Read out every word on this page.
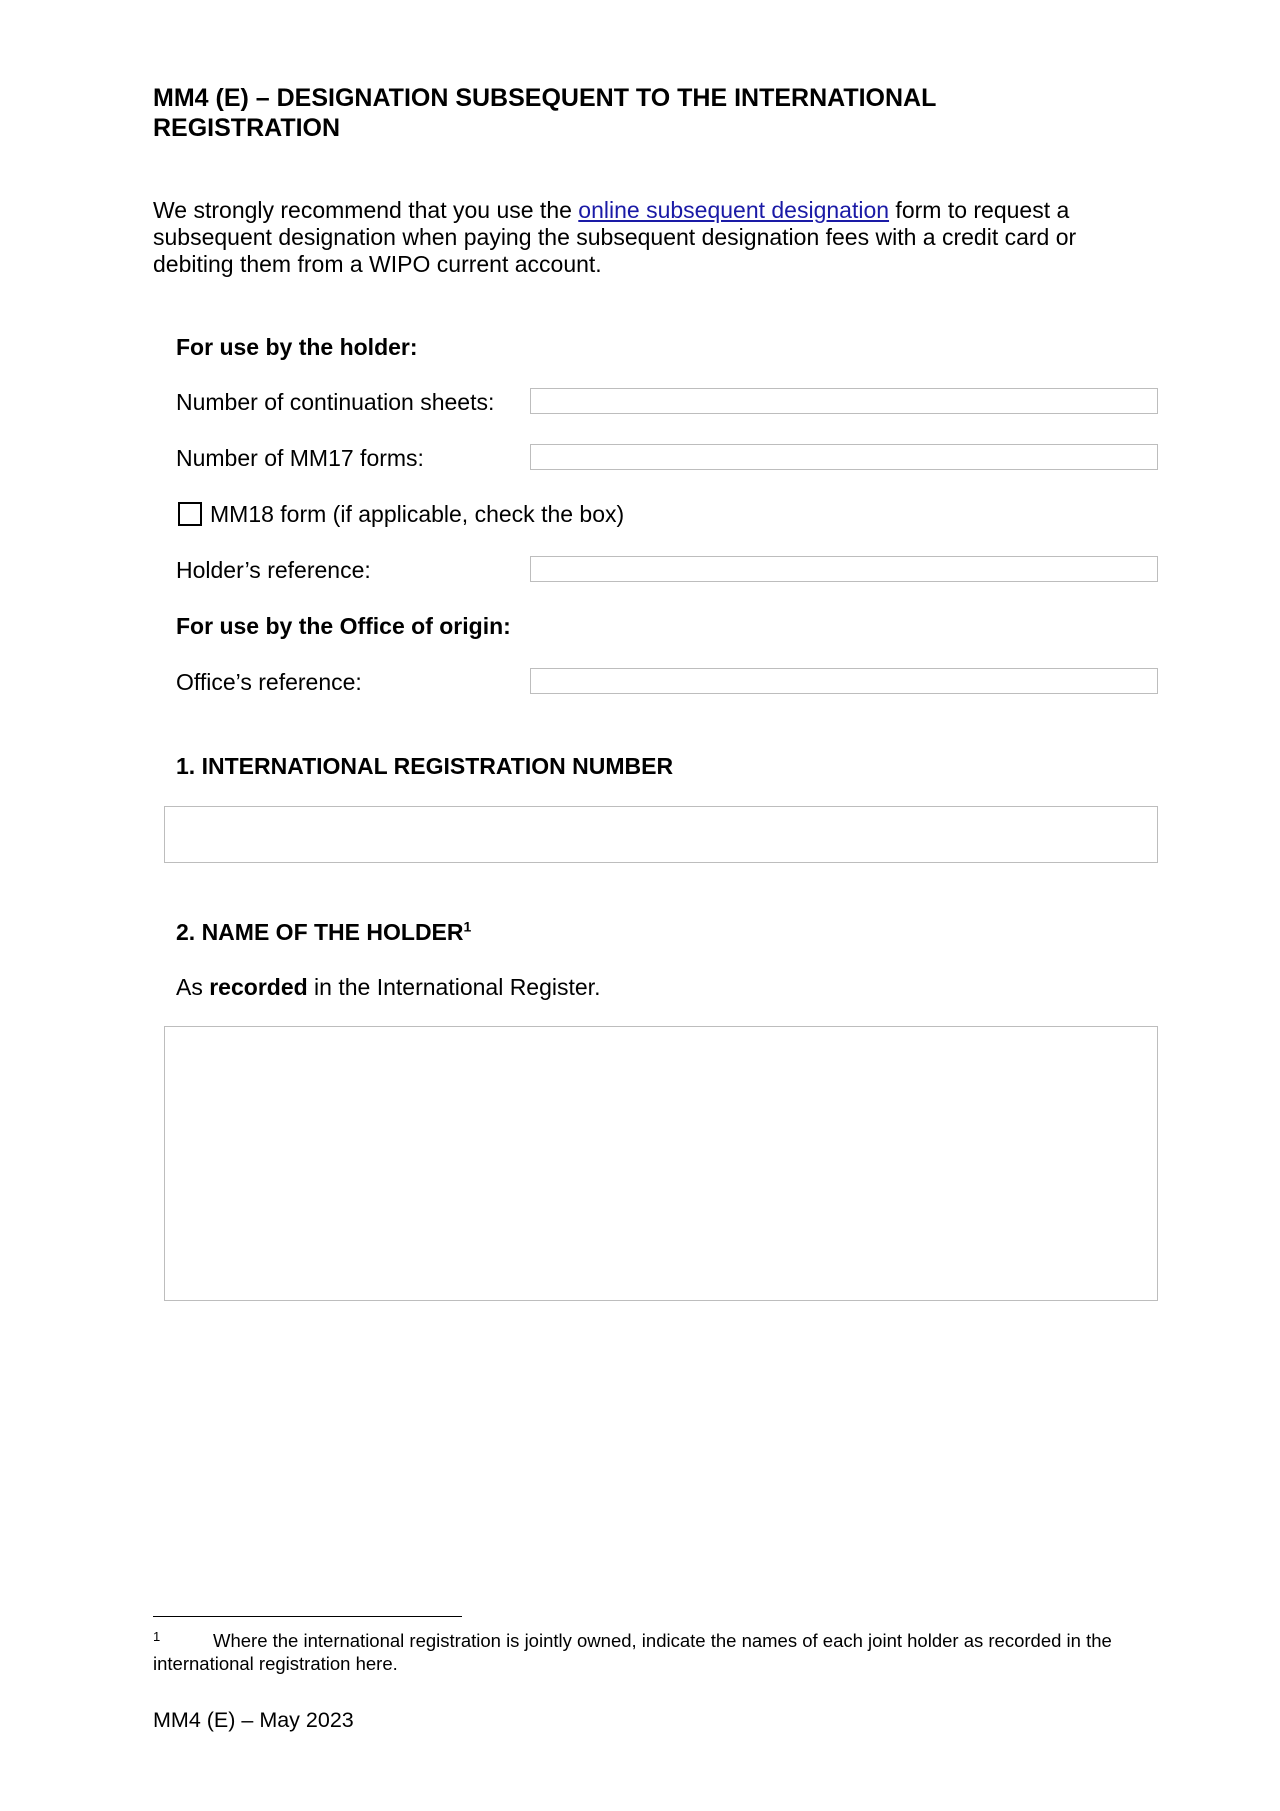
MM4 (E) – DESIGNATION SUBSEQUENT TO THE INTERNATIONAL REGISTRATION
We strongly recommend that you use the online subsequent designation form to request a subsequent designation when paying the subsequent designation fees with a credit card or debiting them from a WIPO current account.
For use by the holder:
Number of continuation sheets:
Number of MM17 forms:
MM18 form (if applicable, check the box)
Holder’s reference:
For use by the Office of origin:
Office’s reference:
1. INTERNATIONAL REGISTRATION NUMBER
2. NAME OF THE HOLDER$^1$
As recorded in the International Register.
1	Where the international registration is jointly owned, indicate the names of each joint holder as recorded in the international registration here.
MM4 (E) – May 2023
